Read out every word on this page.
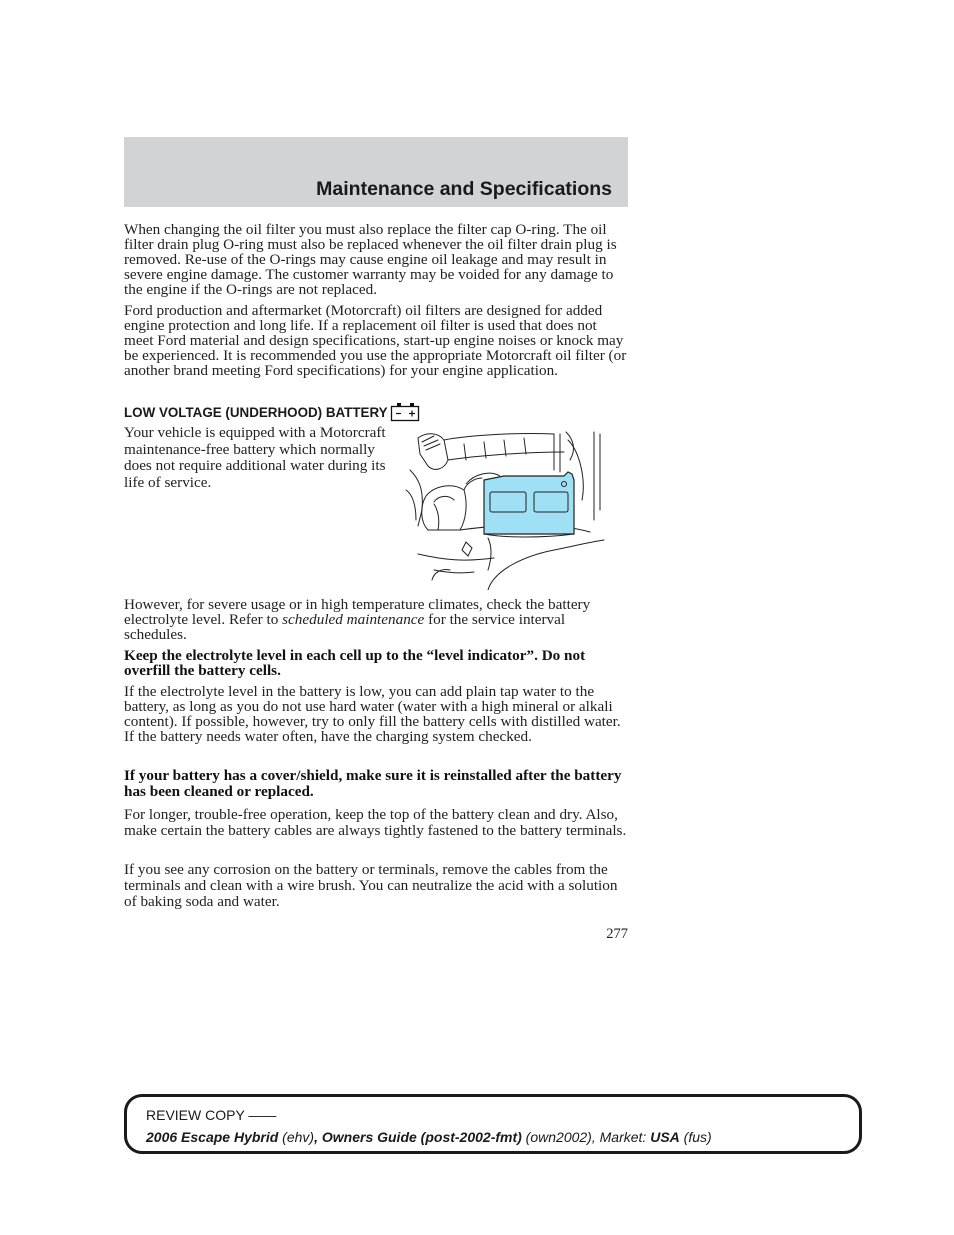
Maintenance and Specifications

When changing the oil filter you must also replace the filter cap O-ring. The oil filter drain plug O-ring must also be replaced whenever the oil filter drain plug is removed. Re-use of the O-rings may cause engine oil leakage and may result in severe engine damage. The customer warranty may be voided for any damage to the engine if the O-rings are not replaced.

Ford production and aftermarket (Motorcraft) oil filters are designed for added engine protection and long life. If a replacement oil filter is used that does not meet Ford material and design specifications, start-up engine noises or knock may be experienced. It is recommended you use the appropriate Motorcraft oil filter (or another brand meeting Ford specifications) for your engine application.

LOW VOLTAGE (UNDERHOOD) BATTERY

Your vehicle is equipped with a Motorcraft maintenance-free battery which normally does not require additional water during its life of service.

However, for severe usage or in high temperature climates, check the battery electrolyte level. Refer to scheduled maintenance for the service interval schedules.

Keep the electrolyte level in each cell up to the “level indicator”. Do not overfill the battery cells.

If the electrolyte level in the battery is low, you can add plain tap water to the battery, as long as you do not use hard water (water with a high mineral or alkali content). If possible, however, try to only fill the battery cells with distilled water. If the battery needs water often, have the charging system checked.

If your battery has a cover/shield, make sure it is reinstalled after the battery has been cleaned or replaced.

For longer, trouble-free operation, keep the top of the battery clean and dry. Also, make certain the battery cables are always tightly fastened to the battery terminals.

If you see any corrosion on the battery or terminals, remove the cables from the terminals and clean with a wire brush. You can neutralize the acid with a solution of baking soda and water.

277
REVIEW COPY ——
2006 Escape Hybrid (ehv), Owners Guide (post-2002-fmt) (own2002), Market: USA (fus)
